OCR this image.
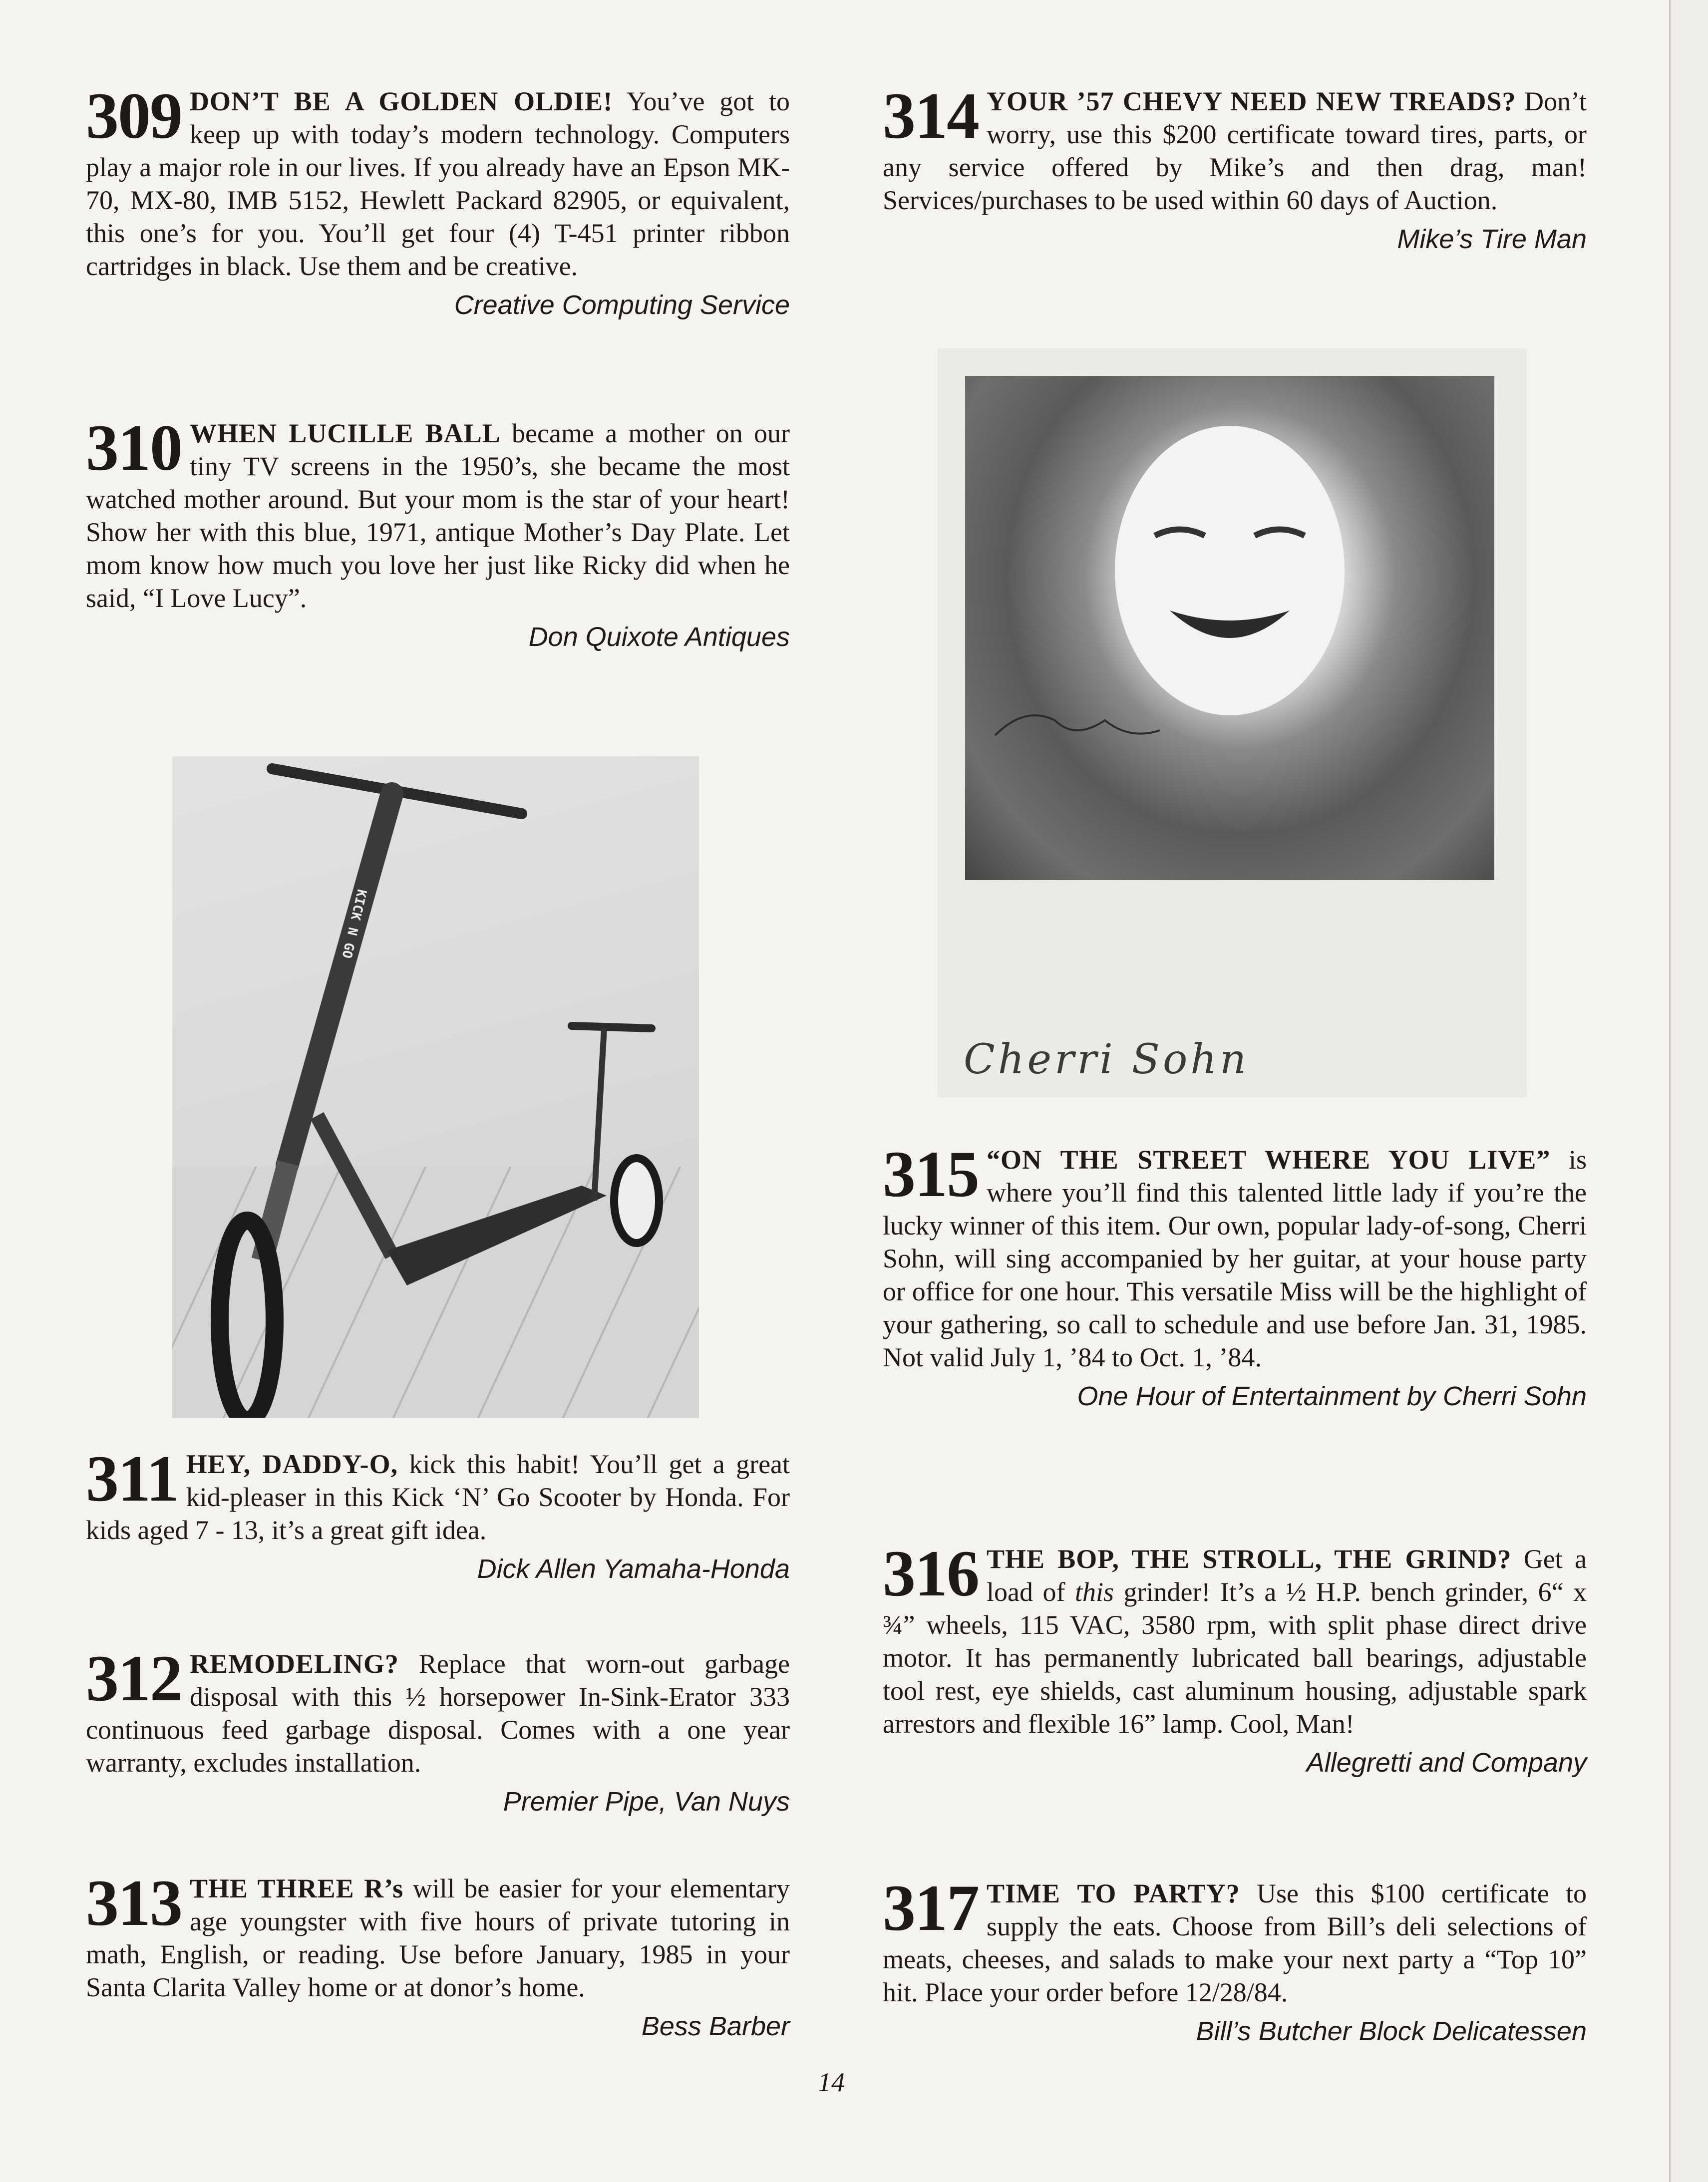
309 DON’T BE A GOLDEN OLDIE! You’ve got to keep up with today’s modern technology. Computers play a major role in our lives. If you already have an Epson MK-70, MX-80, IMB 5152, Hewlett Packard 82905, or equivalent, this one’s for you. You’ll get four (4) T-451 printer ribbon cartridges in black. Use them and be creative.
Creative Computing Service

310 WHEN LUCILLE BALL became a mother on our tiny TV screens in the 1950’s, she became the most watched mother around. But your mom is the star of your heart! Show her with this blue, 1971, antique Mother’s Day Plate. Let mom know how much you love her just like Ricky did when he said, “I Love Lucy”.
Don Quixote Antiques

311 HEY, DADDY-O, kick this habit! You’ll get a great kid-pleaser in this Kick ‘N’ Go Scooter by Honda. For kids aged 7 - 13, it’s a great gift idea.
Dick Allen Yamaha-Honda

312 REMODELING? Replace that worn-out garbage disposal with this ½ horsepower In-Sink-Erator 333 continuous feed garbage disposal. Comes with a one year warranty, excludes installation.
Premier Pipe, Van Nuys

313 THE THREE R’s will be easier for your elementary age youngster with five hours of private tutoring in math, English, or reading. Use before January, 1985 in your Santa Clarita Valley home or at donor’s home.
Bess Barber

KICK N GO

314 YOUR ’57 CHEVY NEED NEW TREADS? Don’t worry, use this $200 certificate toward tires, parts, or any service offered by Mike’s and then drag, man! Services/purchases to be used within 60 days of Auction.
Mike’s Tire Man

315 “ON THE STREET WHERE YOU LIVE” is where you’ll find this talented little lady if you’re the lucky winner of this item. Our own, popular lady-of-song, Cherri Sohn, will sing accompanied by her guitar, at your house party or office for one hour. This versatile Miss will be the highlight of your gathering, so call to schedule and use before Jan. 31, 1985. Not valid July 1, ’84 to Oct. 1, ’84.
One Hour of Entertainment by Cherri Sohn

316 THE BOP, THE STROLL, THE GRIND? Get a load of this grinder! It’s a ½ H.P. bench grinder, 6“ x ¾” wheels, 115 VAC, 3580 rpm, with split phase direct drive motor. It has permanently lubricated ball bearings, adjustable tool rest, eye shields, cast aluminum housing, adjustable spark arrestors and flexible 16” lamp. Cool, Man!
Allegretti and Company

317 TIME TO PARTY? Use this $100 certificate to supply the eats. Choose from Bill’s deli selections of meats, cheeses, and salads to make your next party a “Top 10” hit. Place your order before 12/28/84.
Bill’s Butcher Block Delicatessen

Cherri Sohn
14
